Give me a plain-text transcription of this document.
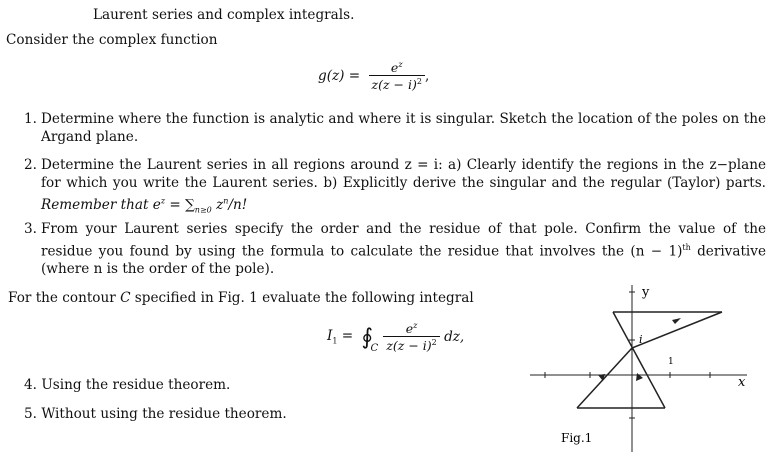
Laurent series and complex integrals.
Consider the complex function
$g(z) = \frac{e^z}{z(z - i)^2}$ ,
1. Determine where the function is analytic and where it is singular. Sketch the location of the poles on the Argand plane.
2. Determine the Laurent series in all regions around z = i: a) Clearly identify the regions in the z−plane for which you write the Laurent series. b) Explicitly derive the singular and the regular (Taylor) parts. Remember that $e^z = \sum_{n\ge 0}$ $z^n/n$!
3. From your Laurent series specify the order and the residue of that pole. Confirm the value of the residue you found by using the formula to calculate the residue that involves the $(n - 1)^{th}$ derivative (where n is the order of the pole).
For the contour C specified in Fig. 1 evaluate the following integral
$I_1$ = ∮
C
$\frac{e^z}{z(z - i)^2}$ dz,
4. Using the residue theorem.
5. Without using the residue theorem.
y
x
i
1
Fig.1
